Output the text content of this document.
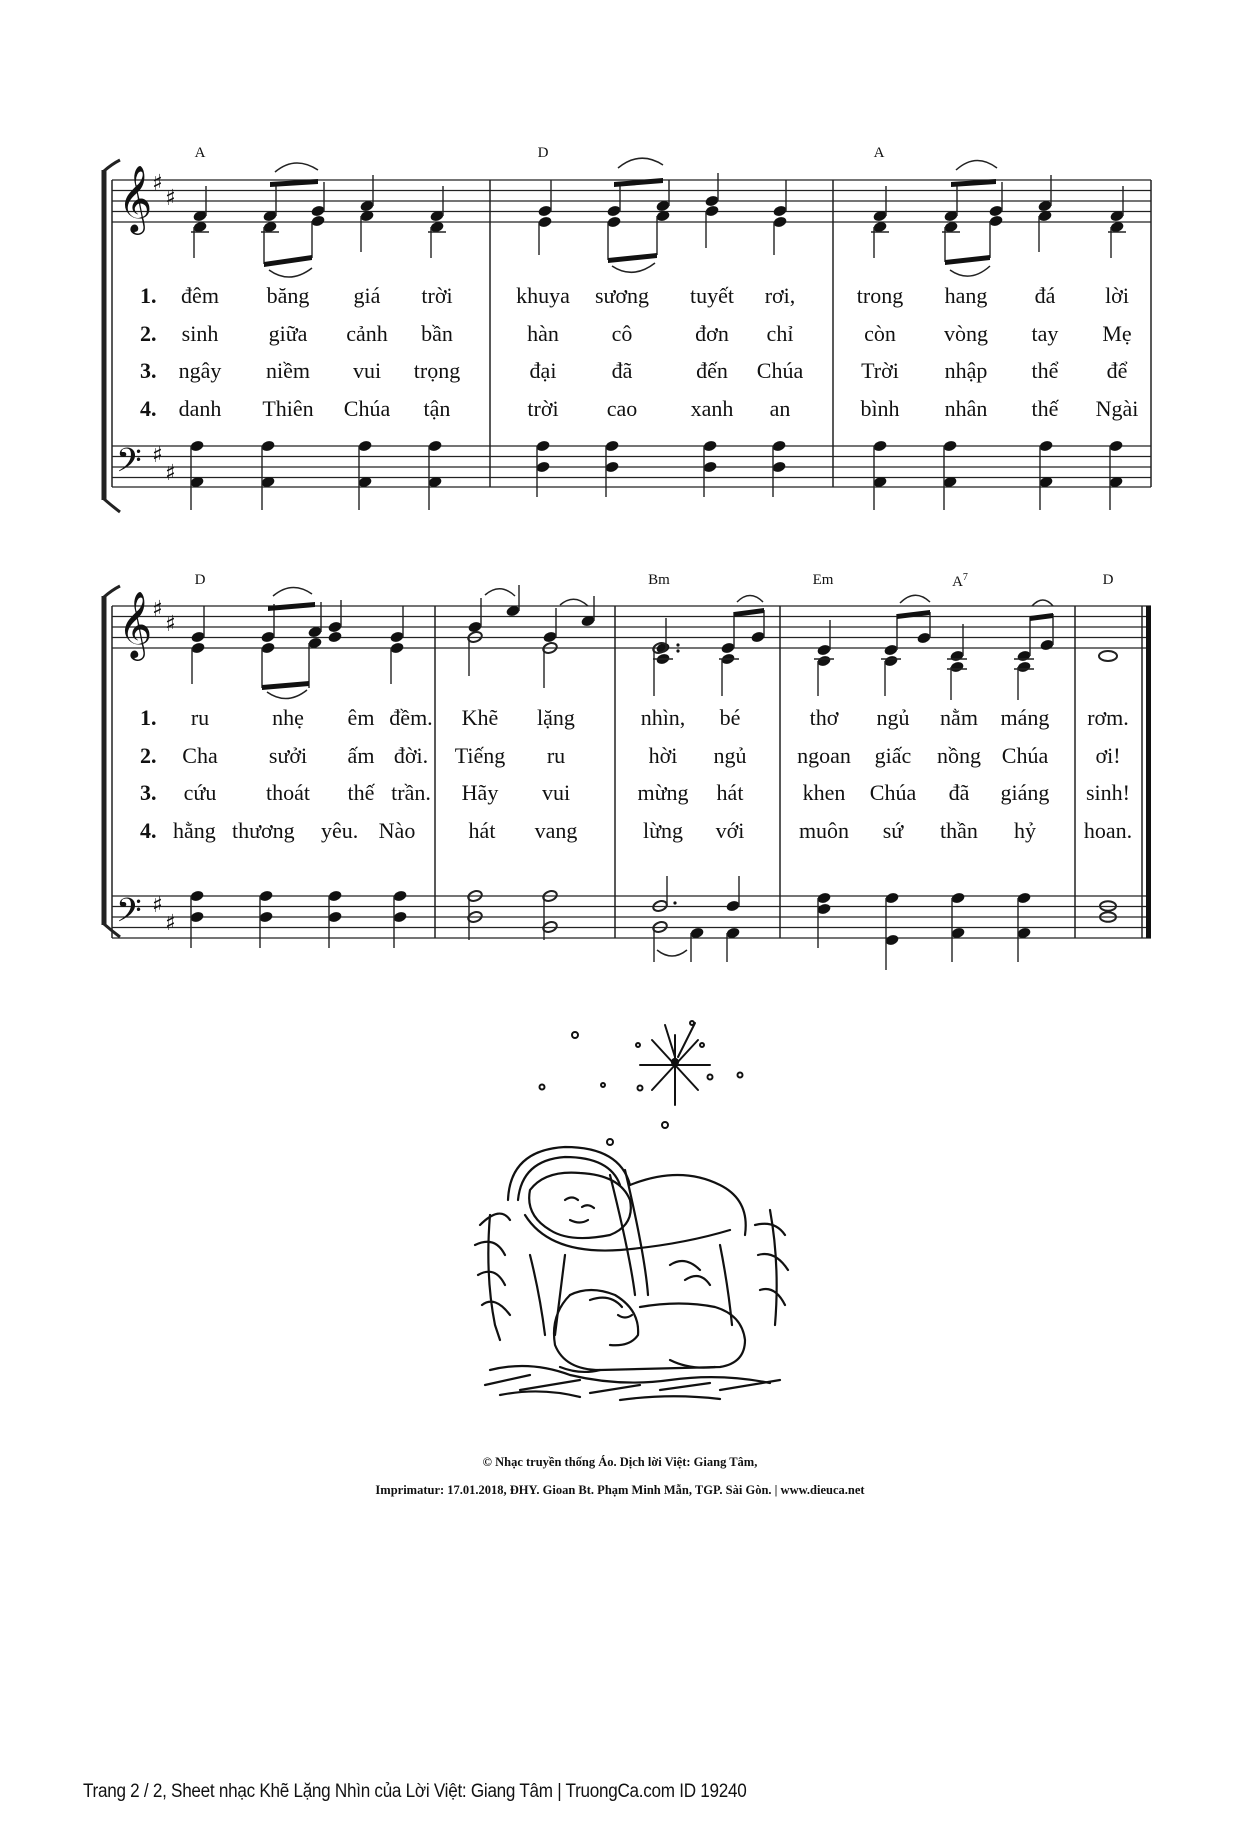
𝄞 ♯
♯
𝄢 ♯
♯
𝄞 ♯
♯
𝄢 ♯
♯
A	D	A
D	Bm	Em	$A^7$	D
1. đêm băng giá trời	khuya sương tuyết rơi,	trong hang đá lời
2. sinh giữa cảnh bần	hàn cô	đơn chỉ	còn vòng tay Mẹ
3. ngây niềm vui trọng	đại	đã	đến Chúa	Trời nhập thể để
4. danh Thiên Chúa tận	trời cao xanh an	bình nhân thế Ngài
1. ru	nhẹ êm đềm. Khẽ lặng	nhìn, bé	thơ ngủ nằm máng rơm.
2. Cha sưởi ấm đời. Tiếng ru	hời ngủ ngoan giấc nồng Chúa ơi!
3. cứu thoát thế trần. Hãy vui	mừng hát	khen Chúa đã giáng sinh!
4. hằng thương yêu. Nào hát vang	lừng với muôn sứ thần hỷ hoan.
© Nhạc truyền thống Áo. Dịch lời Việt: Giang Tâm,
Imprimatur: 17.01.2018, ĐHY. Gioan Bt. Phạm Minh Mẫn, TGP. Sài Gòn. | www.dieuca.net
Trang 2 / 2, Sheet nhạc Khẽ Lặng Nhìn của Lời Việt: Giang Tâm | TruongCa.com ID 19240
